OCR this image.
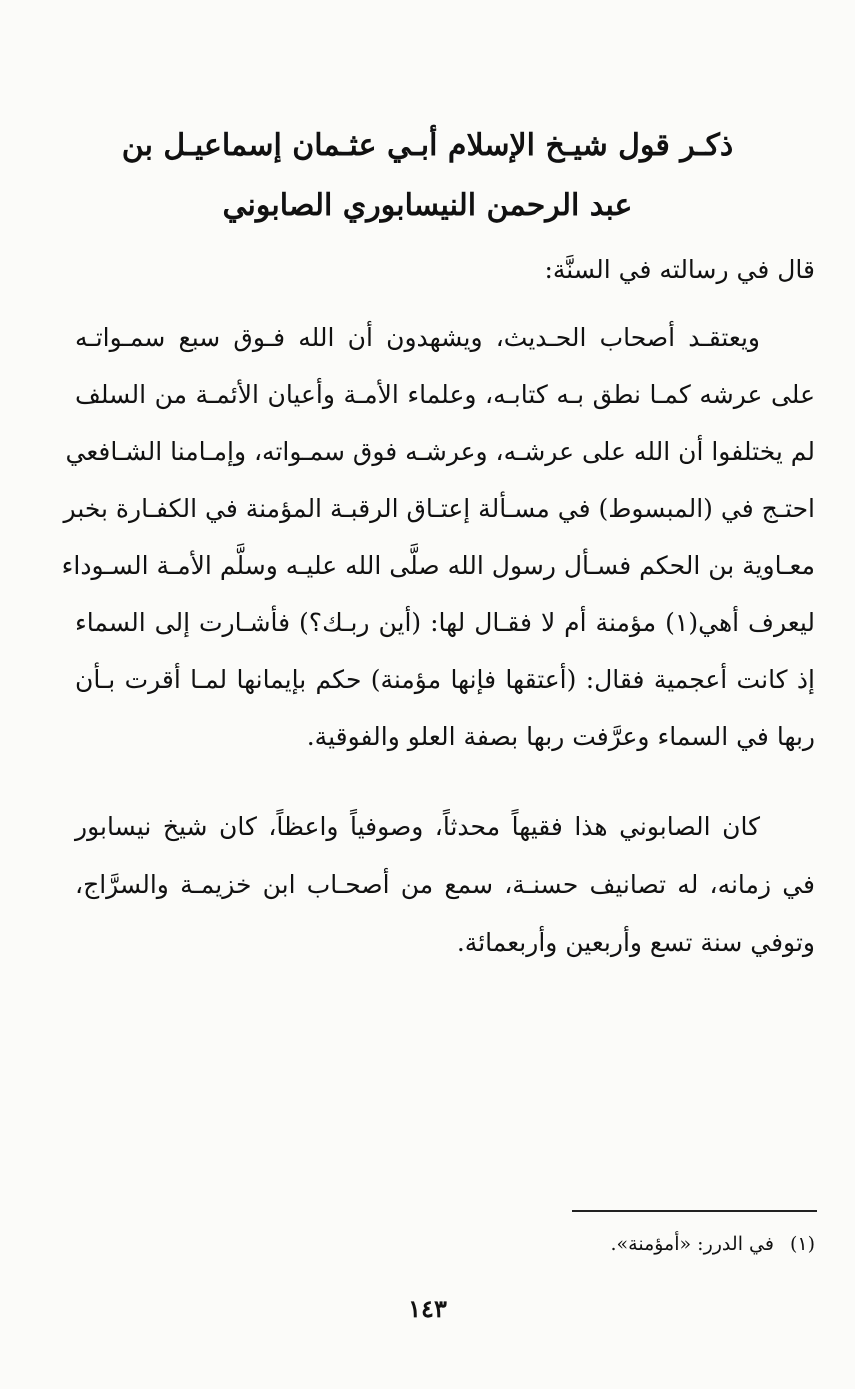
ذكـر قول شيـخ الإسلام أبـي عثـمان إسماعيـل بن
عبد الرحمن النيسابوري الصابوني
قال في رسالته في السنَّة:
ويعتقـد أصحاب الحـديث، ويشهدون أن الله فـوق سبع سمـواتـه
على عرشه كمـا نطق بـه كتابـه، وعلماء الأمـة وأعيان الأئمـة من السلف
لم يختلفوا أن الله على عرشـه، وعرشـه فوق سمـواته، وإمـامنا الشـافعي
احتـج في (المبسوط) في مسـألة إعتـاق الرقبـة المؤمنة في الكفـارة بخبر
معـاوية بن الحكم فسـأل رسول الله صلَّى الله عليـه وسلَّم الأمـة السـوداء
ليعرف أهي(١) مؤمنة أم لا فقـال لها: (أين ربـك؟) فأشـارت إلى السماء
إذ كانت أعجمية فقال: (أعتقها فإنها مؤمنة) حكم بإيمانها لمـا أقرت بـأن
ربها في السماء وعرَّفت ربها بصفة العلو والفوقية.
كان الصابوني هذا فقيهاً محدثاً، وصوفياً واعظاً، كان شيخ نيسابور
في زمانه، له تصانيف حسنـة، سمع من أصحـاب ابن خزيمـة والسرَّاج،
وتوفي سنة تسع وأربعين وأربعمائة.
(١)في الدرر: «أمؤمنة».
١٤٣
